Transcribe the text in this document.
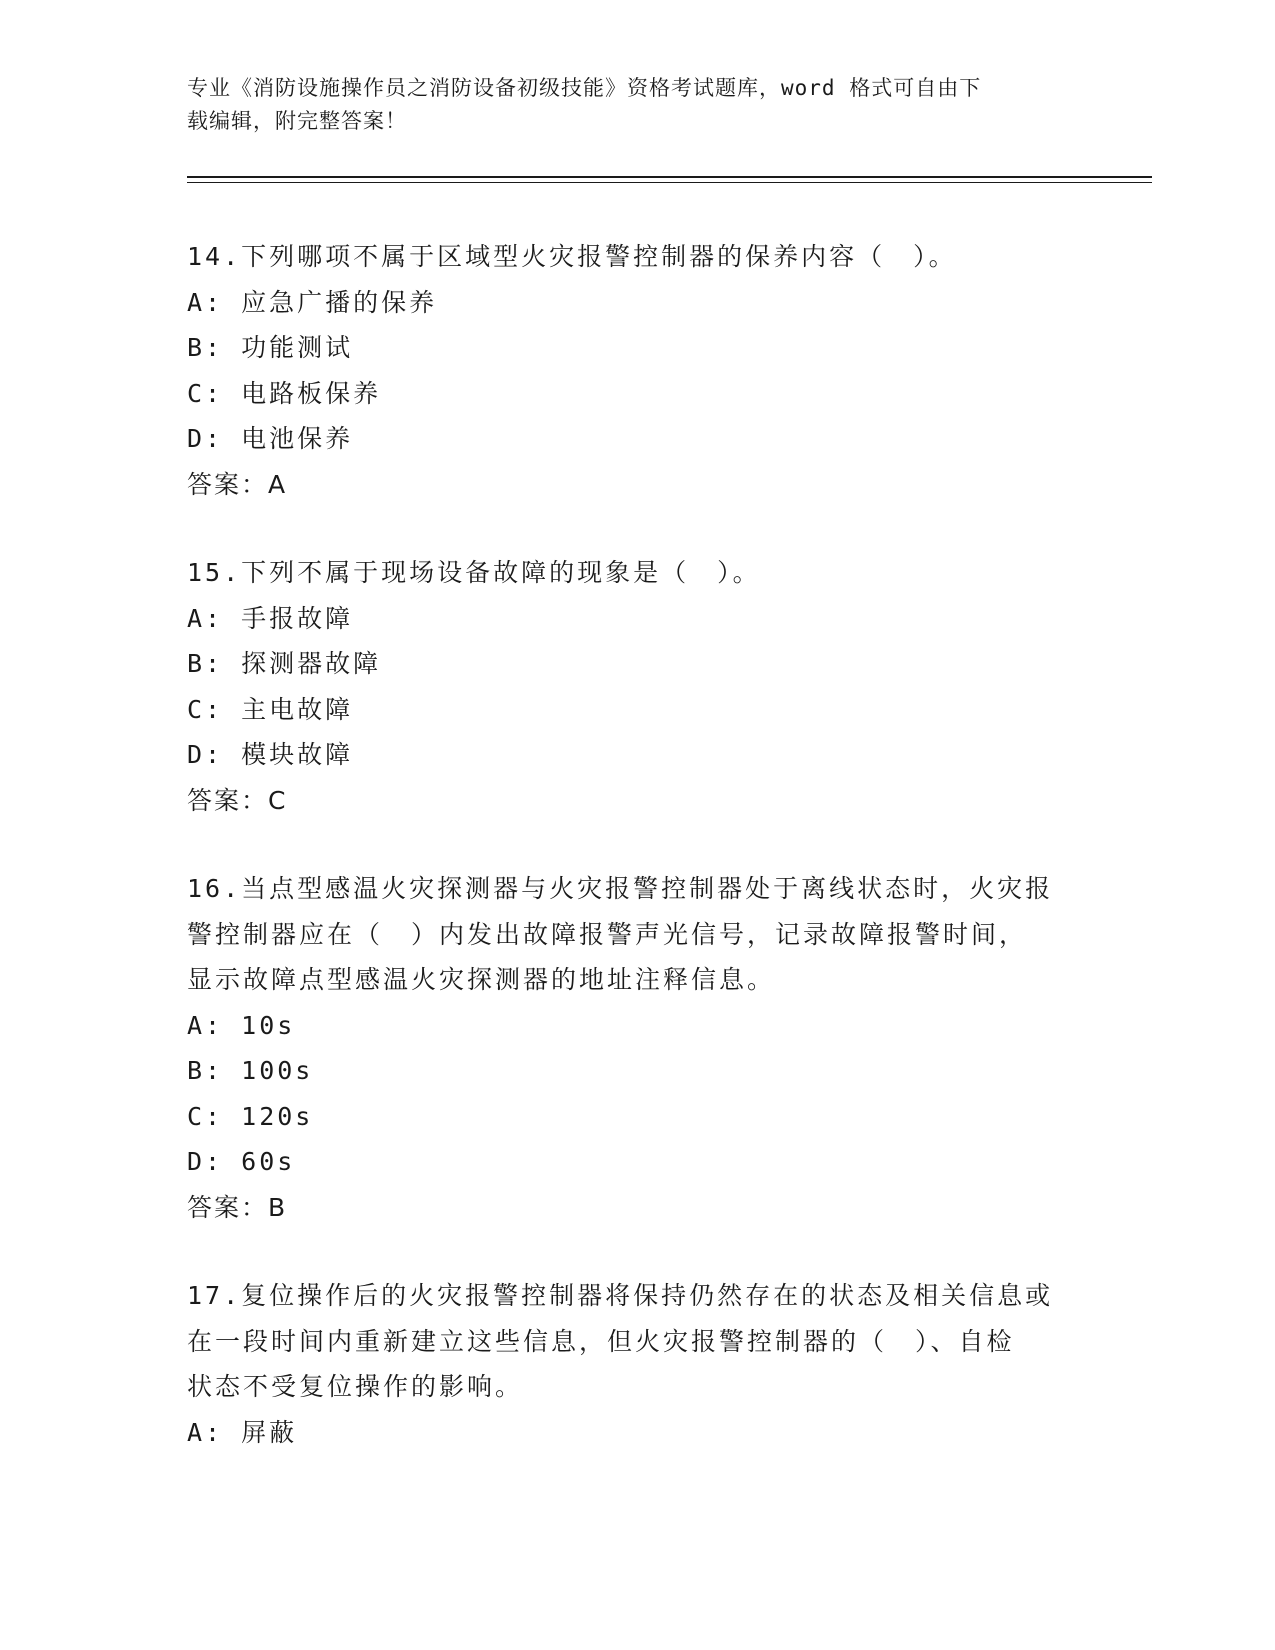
专业《消防设施操作员之消防设备初级技能》资格考试题库，word 格式可自由下
载编辑，附完整答案！
14.下列哪项不属于区域型火灾报警控制器的保养内容（　）。
A: 应急广播的保养
B: 功能测试
C: 电路板保养
D: 电池保养
答案：A
15.下列不属于现场设备故障的现象是（　）。
A: 手报故障
B: 探测器故障
C: 主电故障
D: 模块故障
答案：C
16.当点型感温火灾探测器与火灾报警控制器处于离线状态时，火灾报
警控制器应在（　）内发出故障报警声光信号，记录故障报警时间，
显示故障点型感温火灾探测器的地址注释信息。
A: 10s
B: 100s
C: 120s
D: 60s
答案：B
17.复位操作后的火灾报警控制器将保持仍然存在的状态及相关信息或
在一段时间内重新建立这些信息，但火灾报警控制器的（　）、自检
状态不受复位操作的影响。
A: 屏蔽
